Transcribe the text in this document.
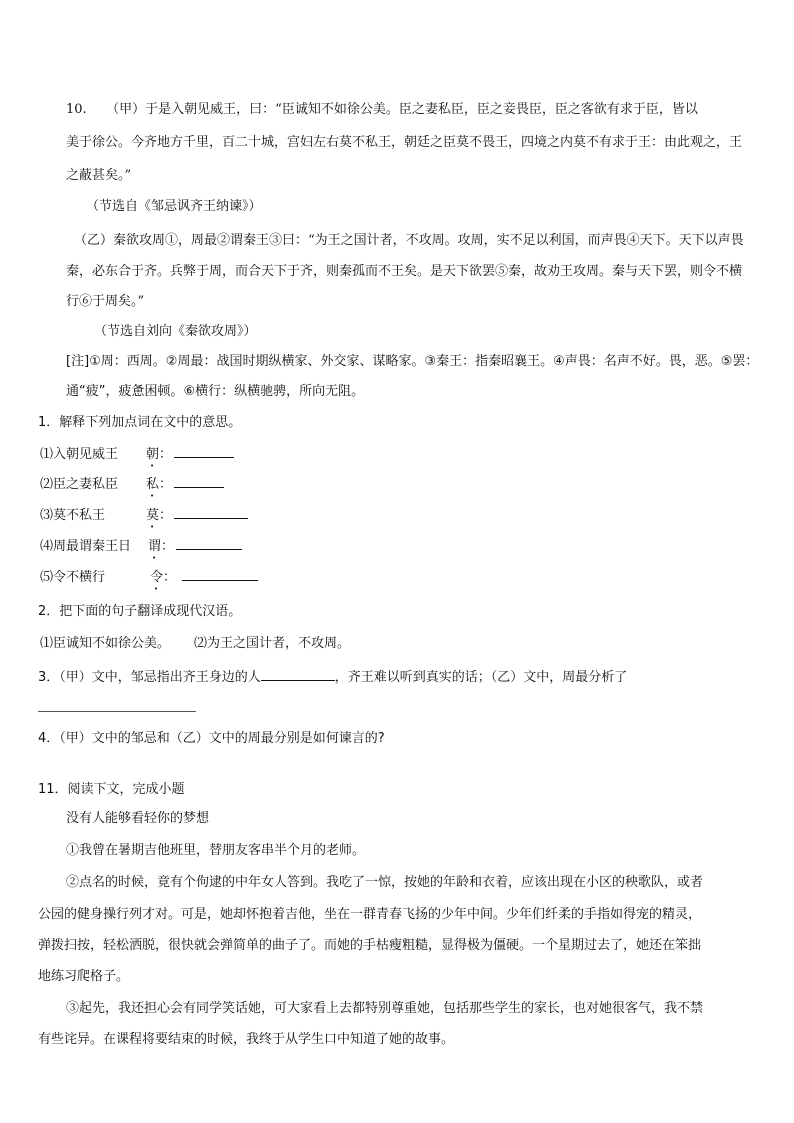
10.　　（甲）于是入朝见威王，曰：“臣诚知不如徐公美。臣之妻私臣，臣之妾畏臣，臣之客欲有求于臣，皆以
美于徐公。今齐地方千里，百二十城，宫妇左右莫不私王，朝廷之臣莫不畏王，四境之内莫不有求于王：由此观之，王
之蔽甚矣。”
（节选自《邹忌讽齐王纳谏》）
（乙）秦欲攻周①，周最②谓秦王③曰：“为王之国计者，不攻周。攻周，实不足以利国，而声畏④天下。天下以声畏
秦，必东合于齐。兵弊于周，而合天下于齐，则秦孤而不王矣。是天下欲罢⑤秦，故劝王攻周。秦与天下罢，则令不横
行⑥于周矣。”
（节选自刘向《秦欲攻周》）
[注]①周：西周。②周最：战国时期纵横家、外交家、谋略家。③秦王：指秦昭襄王。④声畏：名声不好。畏，恶。⑤罢：
通“疲”，疲惫困顿。⑥横行：纵横驰骋，所向无阻。
1．解释下列加点词在文中的意思。
⑴入朝见威王 朝：
⑵臣之妻私臣 私：
⑶莫不私王	莫：
⑷周最谓秦王日 谓：
⑸令不横行	令：
2．把下面的句子翻译成现代汉语。
⑴臣诚知不如徐公美。 ⑵为王之国计者，不攻周。
3．（甲）文中，邹忌指出齐王身边的人	，齐王难以听到真实的话；（乙）文中，周最分析了
4．（甲）文中的邹忌和（乙）文中的周最分别是如何谏言的?
11．阅读下文，完成小题
没有人能够看轻你的梦想
①我曾在暑期吉他班里，替朋友客串半个月的老师。
②点名的时候，竟有个佝逮的中年女人答到。我吃了一惊，按她的年龄和衣着，应该出现在小区的秧歌队，或者
公园的健身操行列才对。可是，她却怀抱着吉他，坐在一群青春飞扬的少年中间。少年们纤柔的手指如得宠的精灵，
弹拨扫按，轻松洒脱，很快就会弹简单的曲子了。而她的手枯瘦粗糙，显得极为僵硬。一个星期过去了，她还在笨拙
地练习爬格子。
③起先，我还担心会有同学笑话她，可大家看上去都特别尊重她，包括那些学生的家长，也对她很客气，我不禁
有些诧异。在课程将要结束的时候，我终于从学生口中知道了她的故事。
